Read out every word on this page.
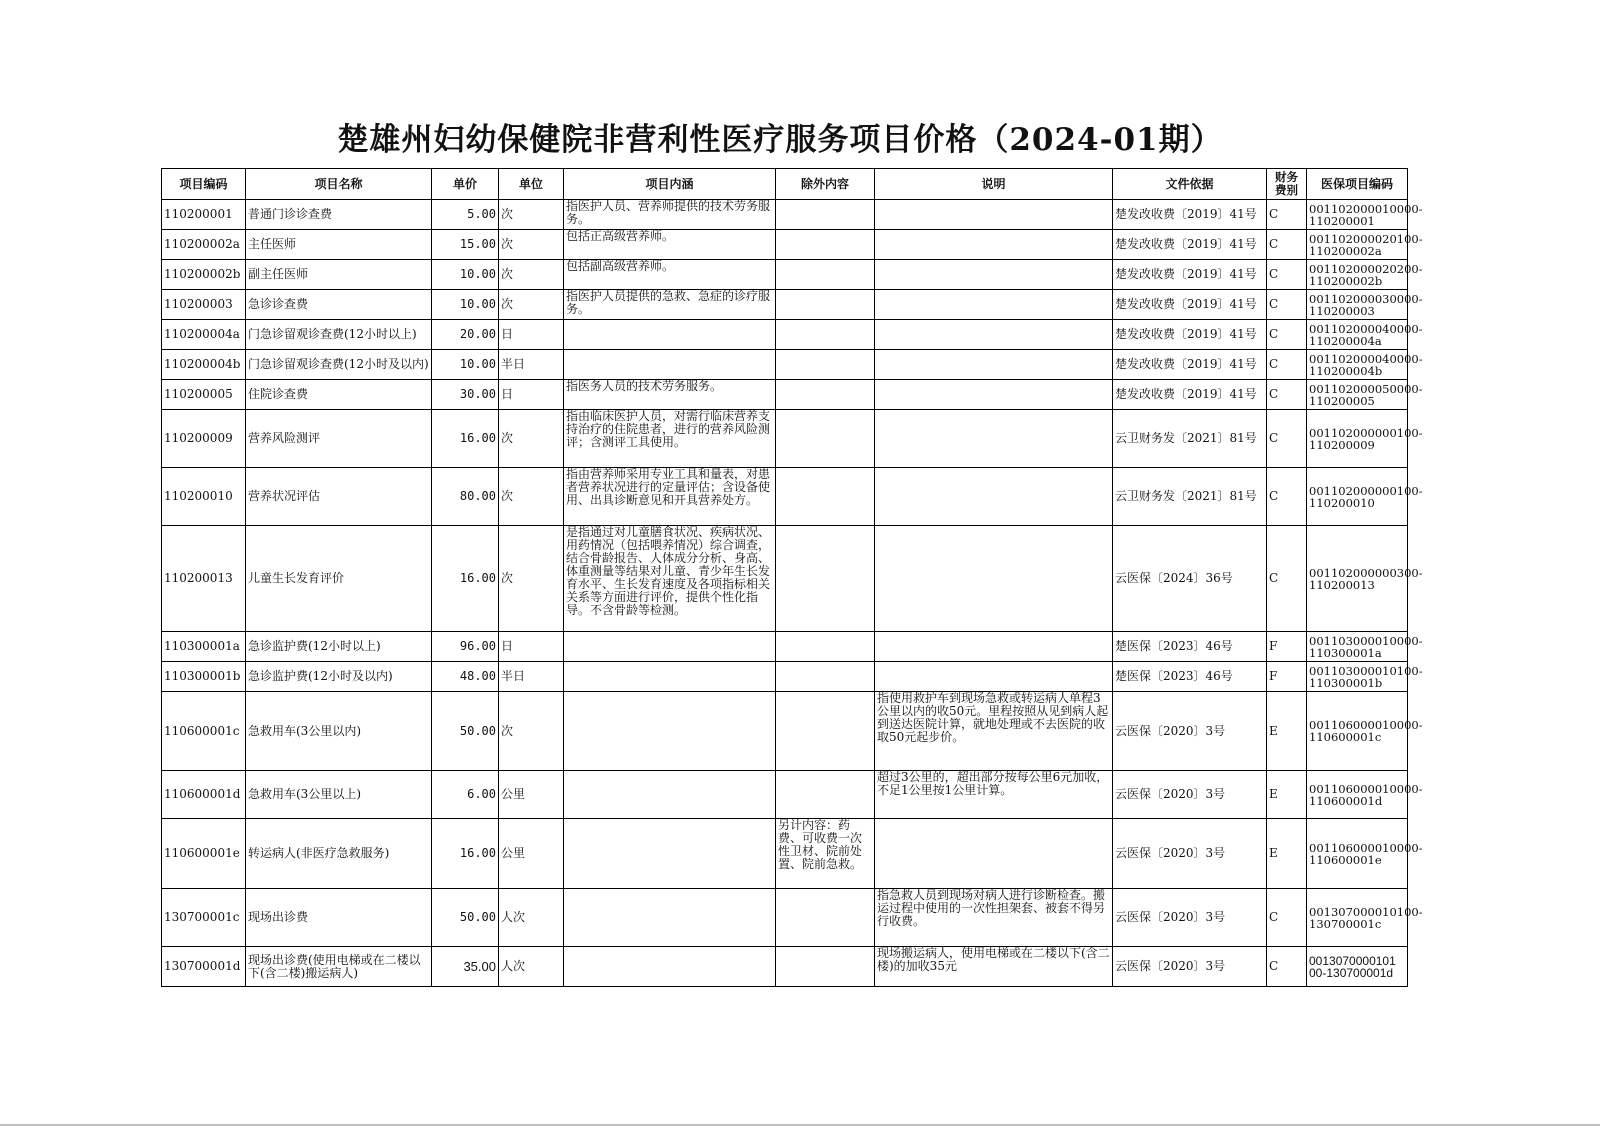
楚雄州妇幼保健院非营利性医疗服务项目价格（2024-01期）
项目编码	项目名称	单价	单位	项目内涵	除外内容	说明	文件依据	财务
费别	医保项目编码

110200001	普通门诊诊查费	5.00	次	指医护人员、营养师提供的技术劳务服务。			楚发改收费〔2019〕41号	C	001102000010000-110200001

110200002a	主任医师	15.00	次	包括正高级营养师。			楚发改收费〔2019〕41号	C	001102000020100-110200002a

110200002b	副主任医师	10.00	次	包括副高级营养师。			楚发改收费〔2019〕41号	C	001102000020200-110200002b

110200003	急诊诊查费	10.00	次	指医护人员提供的急救、急症的诊疗服务。			楚发改收费〔2019〕41号	C	001102000030000-110200003

110200004a	门急诊留观诊查费(12小时以上)	20.00	日				楚发改收费〔2019〕41号	C	001102000040000-110200004a

110200004b	门急诊留观诊查费(12小时及以内)	10.00	半日				楚发改收费〔2019〕41号	C	001102000040000-110200004b

110200005	住院诊查费	30.00	日	指医务人员的技术劳务服务。			楚发改收费〔2019〕41号	C	001102000050000-110200005

110200009	营养风险测评	16.00	次	指由临床医护人员，对需行临床营养支持治疗的住院患者，进行的营养风险测评；含测评工具使用。			云卫财务发〔2021〕81号	C	001102000000100-110200009

110200010	营养状况评估	80.00	次	指由营养师采用专业工具和量表，对患者营养状况进行的定量评估；含设备使用、出具诊断意见和开具营养处方。			云卫财务发〔2021〕81号	C	001102000000100-110200010

110200013	儿童生长发育评价	16.00	次	是指通过对儿童膳食状况、疾病状况、用药情况（包括喂养情况）综合调查，结合骨龄报告、人体成分分析、身高、体重测量等结果对儿童、青少年生长发育水平、生长发育速度及各项指标相关关系等方面进行评价，提供个性化指导。不含骨龄等检测。			云医保〔2024〕36号	C	001102000000300-110200013

110300001a	急诊监护费(12小时以上)	96.00	日				楚医保〔2023〕46号	F	001103000010000-110300001a

110300001b	急诊监护费(12小时及以内)	48.00	半日				楚医保〔2023〕46号	F	001103000010100-110300001b

110600001c	急救用车(3公里以内)	50.00	次			指使用救护车到现场急救或转运病人单程3公里以内的收50元。里程按照从见到病人起到送达医院计算，就地处理或不去医院的收取50元起步价。	云医保〔2020〕3号	E	001106000010000-110600001c

110600001d	急救用车(3公里以上)	6.00	公里			超过3公里的，超出部分按每公里6元加收，不足1公里按1公里计算。	云医保〔2020〕3号	E	001106000010000-110600001d

110600001e	转运病人(非医疗急救服务)	16.00	公里		另计内容：药费、可收费一次性卫材、院前处置、院前急救。		云医保〔2020〕3号	E	001106000010000-110600001e

130700001c	现场出诊费	50.00	人次			指急救人员到现场对病人进行诊断检查。搬运过程中使用的一次性担架套、被套不得另行收费。	云医保〔2020〕3号	C	001307000010100-130700001c

130700001d	现场出诊费(使用电梯或在二楼以下(含二楼)搬运病人)	35.00	人次			现场搬运病人，使用电梯或在二楼以下(含二楼)的加收35元	云医保〔2020〕3号	C	0013070000101 00-130700001d
